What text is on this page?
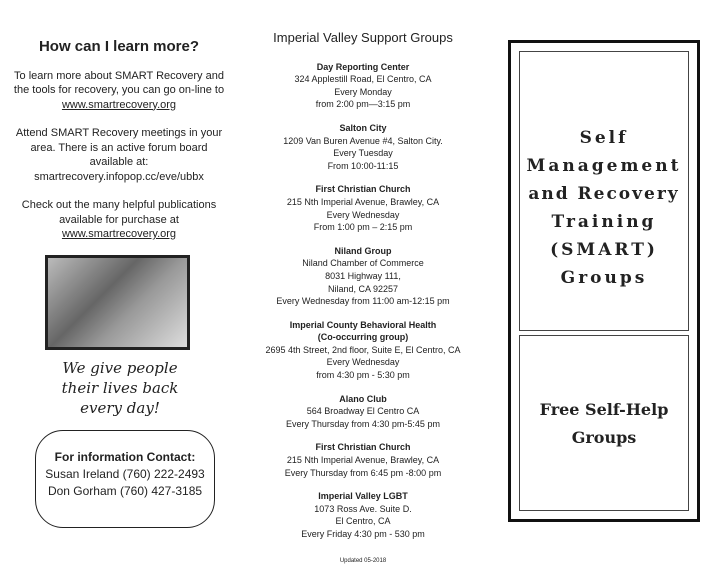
How can I learn more?
To learn more about SMART Recovery and the tools for recovery, you can go on-line to
www.smartrecovery.org
Attend SMART Recovery meetings in your area. There is an active forum board available at:
smartrecovery.infopop.cc/eve/ubbx
Check out the many helpful publications available for purchase at
www.smartrecovery.org
We give people
their lives back
every day!
For information Contact:
Susan Ireland (760) 222-2493
Don Gorham (760) 427-3185
Imperial Valley Support Groups
Day Reporting Center
324 Applestill Road, El Centro, CA
Every Monday
from 2:00 pm—3:15 pm
Salton City
1209 Van Buren Avenue #4, Salton City.
Every Tuesday
From 10:00-11:15
First Christian Church
215 Nth Imperial Avenue, Brawley, CA
Every Wednesday
From 1:00 pm – 2:15 pm
Niland Group
Niland Chamber of Commerce
8031 Highway 111,
Niland, CA 92257
Every Wednesday from 11:00 am-12:15 pm
Imperial County Behavioral Health
(Co-occurring group)
2695 4th Street, 2nd floor, Suite E, El Centro, CA
Every Wednesday
from 4:30 pm - 5:30 pm
Alano Club
564 Broadway El Centro CA
Every Thursday from 4:30 pm-5:45 pm
First Christian Church
215 Nth Imperial Avenue, Brawley, CA
Every Thursday from 6:45 pm -8:00 pm
Imperial Valley LGBT
1073 Ross Ave. Suite D.
El Centro, CA
Every Friday 4:30 pm - 530 pm
Updated 05-2018
Self
Management
and Recovery
Training
(SMART)
Groups
Free Self-Help
Groups
